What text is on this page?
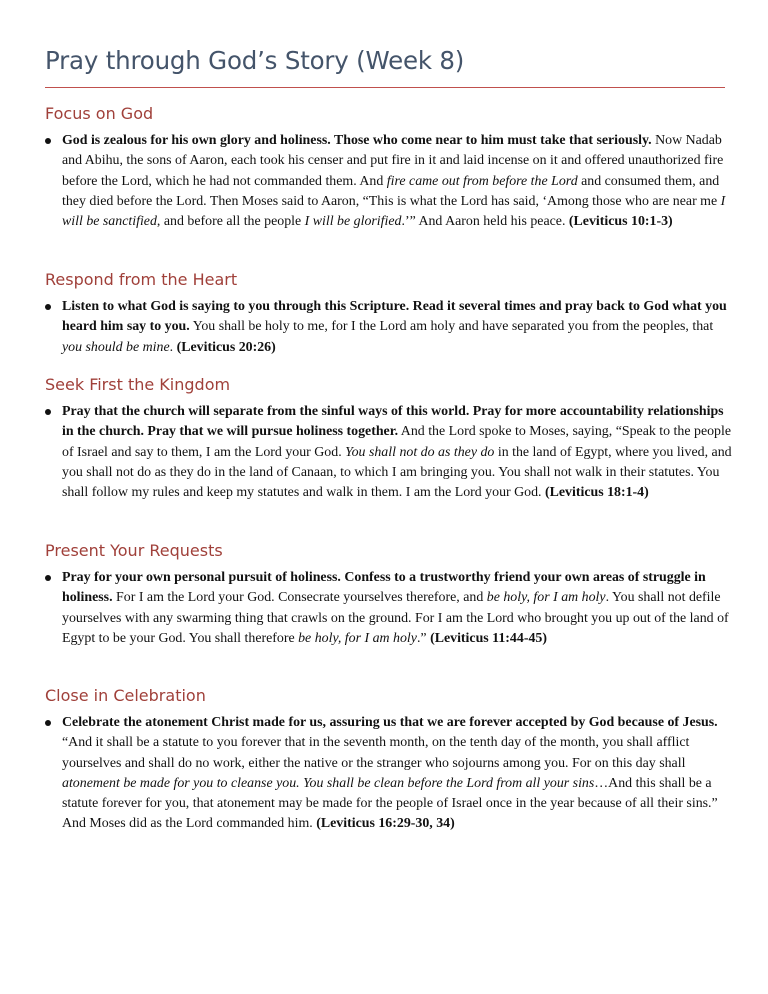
Pray through God’s Story (Week 8)
Focus on God

God is zealous for his own glory and holiness. Those who come near to him must take that seriously. Now Nadab and Abihu, the sons of Aaron, each took his censer and put fire in it and laid incense on it and offered unauthorized fire before the Lord, which he had not commanded them. And fire came out from before the Lord and consumed them, and they died before the Lord. Then Moses said to Aaron, “This is what the Lord has said, ‘Among those who are near me I will be sanctified, and before all the people I will be glorified.’” And Aaron held his peace. (Leviticus 10:1-3)

Respond from the Heart

Listen to what God is saying to you through this Scripture. Read it several times and pray back to God what you heard him say to you. You shall be holy to me, for I the Lord am holy and have separated you from the peoples, that you should be mine. (Leviticus 20:26)

Seek First the Kingdom

Pray that the church will separate from the sinful ways of this world. Pray for more accountability relationships in the church. Pray that we will pursue holiness together. And the Lord spoke to Moses, saying, “Speak to the people of Israel and say to them, I am the Lord your God. You shall not do as they do in the land of Egypt, where you lived, and you shall not do as they do in the land of Canaan, to which I am bringing you. You shall not walk in their statutes. You shall follow my rules and keep my statutes and walk in them. I am the Lord your God. (Leviticus 18:1-4)

Present Your Requests

Pray for your own personal pursuit of holiness. Confess to a trustworthy friend your own areas of struggle in holiness. For I am the Lord your God. Consecrate yourselves therefore, and be holy, for I am holy. You shall not defile yourselves with any swarming thing that crawls on the ground. For I am the Lord who brought you up out of the land of Egypt to be your God. You shall therefore be holy, for I am holy.” (Leviticus 11:44-45)

Close in Celebration

Celebrate the atonement Christ made for us, assuring us that we are forever accepted by God because of Jesus. “And it shall be a statute to you forever that in the seventh month, on the tenth day of the month, you shall afflict yourselves and shall do no work, either the native or the stranger who sojourns among you. For on this day shall atonement be made for you to cleanse you. You shall be clean before the Lord from all your sins…And this shall be a statute forever for you, that atonement may be made for the people of Israel once in the year because of all their sins.” And Moses did as the Lord commanded him. (Leviticus 16:29-30, 34)
